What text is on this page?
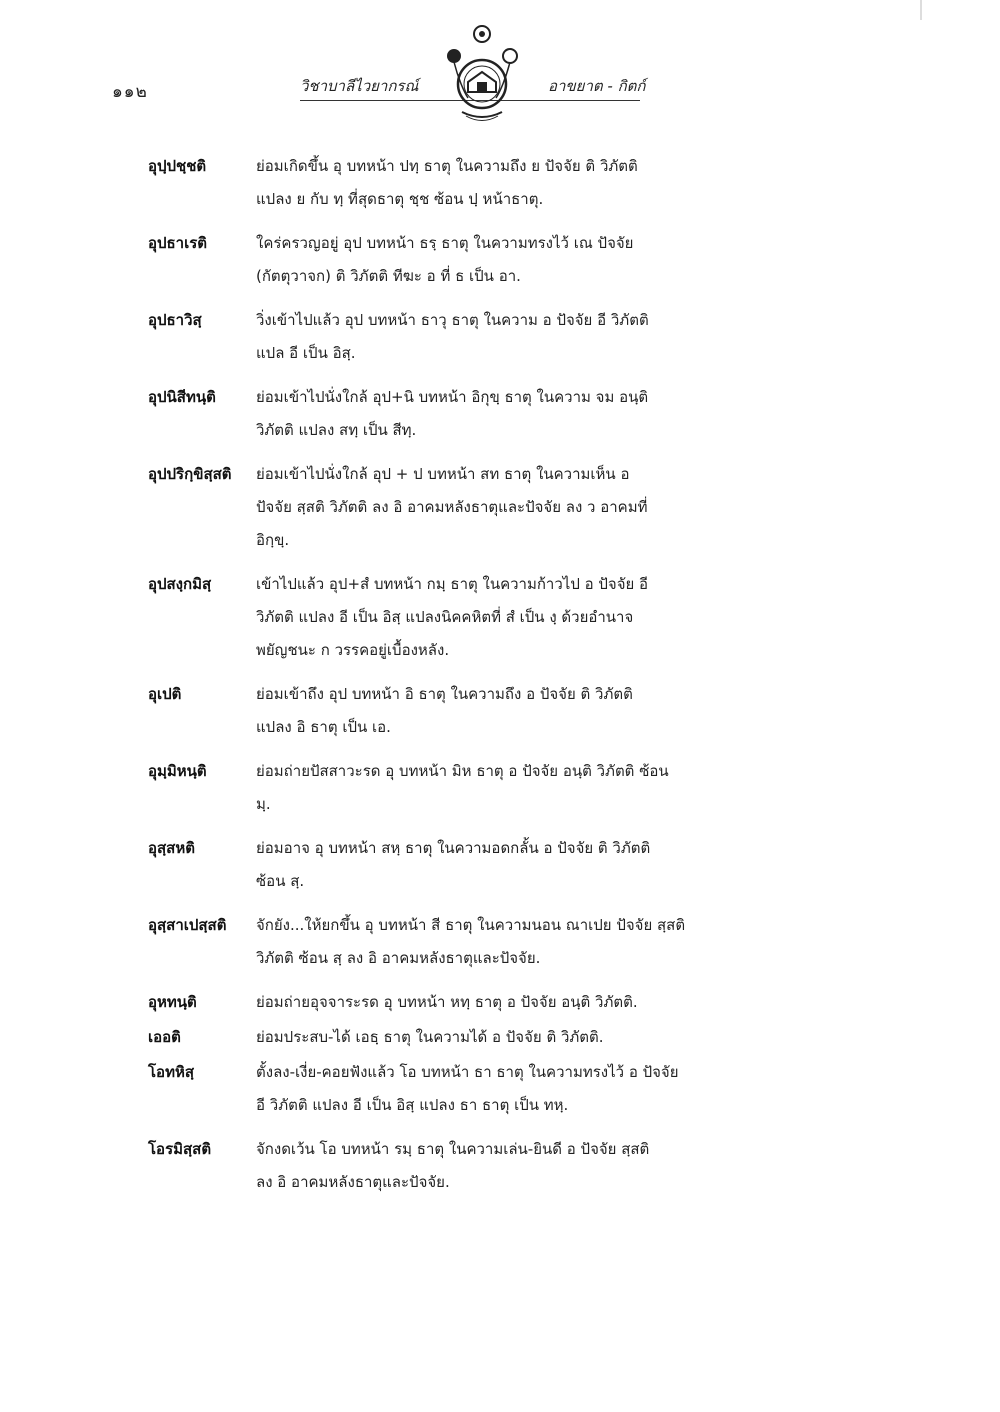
๑๑๒	วิชาบาลีไวยากรณ์	อาขยาต - กิตก์
อุปฺปชฺชติ	ย่อมเกิดขึ้น อุ บทหน้า ปทฺ ธาตุ ในความถึง ย ปัจจัย ติ วิภัตติ

แปลง ย กับ ทฺ ที่สุดธาตุ ชฺช ซ้อน ปฺ หน้าธาตุ.

อุปธาเรติ	ใคร่ครวญอยู่ อุป บทหน้า ธรฺ ธาตุ ในความทรงไว้ เณ ปัจจัย

(กัตตุวาจก) ติ วิภัตติ ทีฆะ อ ที่ ธ เป็น อา.

อุปธาวิสฺ	วิ่งเข้าไปแล้ว อุป บทหน้า ธาวุ ธาตุ ในความ อ ปัจจัย อี วิภัตติ

แปล อี เป็น อิสฺ.

อุปนิสีทนฺติ	ย่อมเข้าไปนั่งใกล้ อุป+นิ บทหน้า อิกุขฺ ธาตุ ในความ จม อนฺติ

วิภัตติ แปลง สทฺ เป็น สีทฺ.

อุปปริกฺขิสฺสติ	ย่อมเข้าไปนั่งใกล้ อุป + ป บทหน้า สท ธาตุ ในความเห็น อ

ปัจจัย สฺสติ วิภัตติ ลง อิ อาคมหลังธาตุและปัจจัย ลง ว อาคมที่

อิกฺขฺ.

อุปสงฺกมิสฺ	เข้าไปแล้ว อุป+สํ บทหน้า กมฺ ธาตุ ในความก้าวไป อ ปัจจัย อี

วิภัตติ แปลง อี เป็น อิสฺ แปลงนิคคหิตที่ สํ เป็น งฺ ด้วยอำนาจ

พยัญชนะ ก วรรคอยู่เบื้องหลัง.

อุเปติ	ย่อมเข้าถึง อุป บทหน้า อิ ธาตุ ในความถึง อ ปัจจัย ติ วิภัตติ

แปลง อิ ธาตุ เป็น เอ.

อุมฺมิหนฺติ	ย่อมถ่ายปัสสาวะรด อุ บทหน้า มิห ธาตุ อ ปัจจัย อนฺติ วิภัตติ ซ้อน

มฺ.

อุสฺสหติ	ย่อมอาจ อุ บทหน้า สหฺ ธาตุ ในความอดกลั้น อ ปัจจัย ติ วิภัตติ

ซ้อน สฺ.

อุสฺสาเปสฺสติ	จักยัง...ให้ยกขึ้น อุ บทหน้า สี ธาตุ ในความนอน ณาเปย ปัจจัย สฺสติ

วิภัตติ ซ้อน สฺ ลง อิ อาคมหลังธาตุและปัจจัย.

อุหทนฺติ	ย่อมถ่ายอุจจาระรด อุ บทหน้า หทฺ ธาตุ อ ปัจจัย อนฺติ วิภัตติ.

เออติ	ย่อมประสบ-ได้ เอธฺ ธาตุ ในความได้ อ ปัจจัย ติ วิภัตติ.

โอทหิสฺ	ตั้งลง-เงี่ย-คอยฟังแล้ว โอ บทหน้า ธา ธาตุ ในความทรงไว้ อ ปัจจัย

อี วิภัตติ แปลง อี เป็น อิสฺ แปลง ธา ธาตุ เป็น ทหฺ.

โอรมิสฺสติ	จักงดเว้น โอ บทหน้า รมฺ ธาตุ ในความเล่น-ยินดี อ ปัจจัย สฺสติ

ลง อิ อาคมหลังธาตุและปัจจัย.
